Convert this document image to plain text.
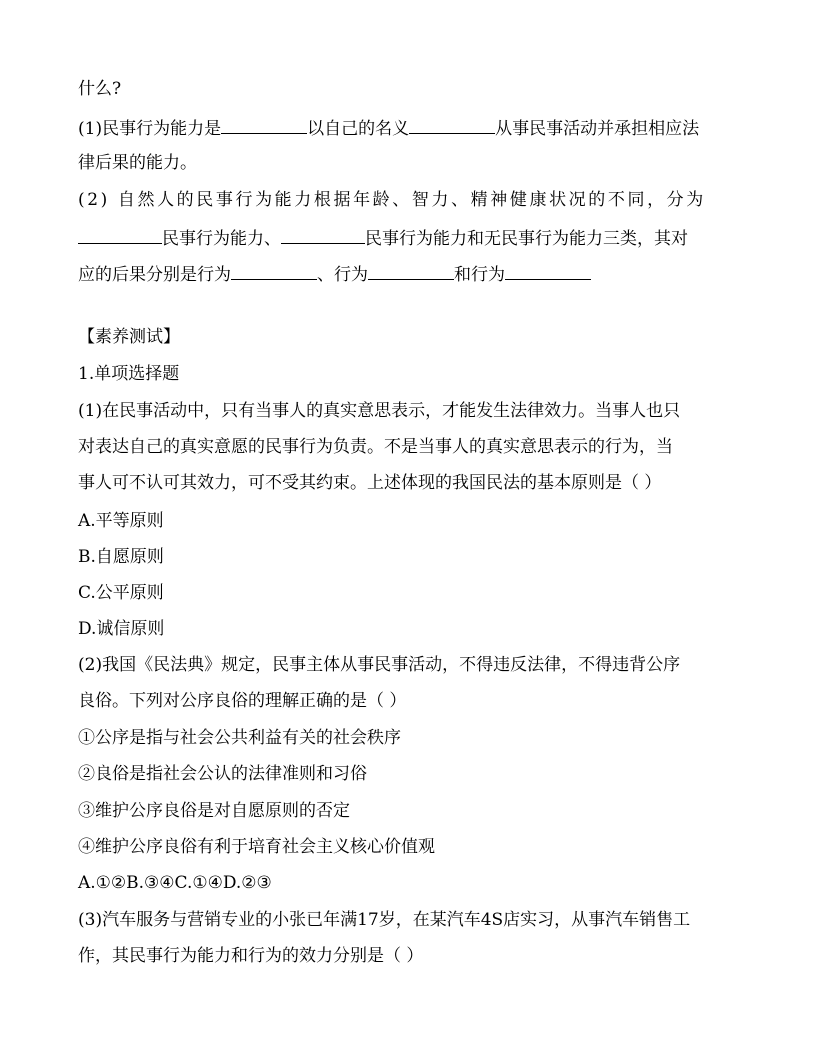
什么?
(1)民事行为能力是	以自己的名义	从事民事活动并承担相应法
律后果的能力。
(2) 自然人的民事行为能力根据年龄、智力、精神健康状况的不同，分为
民事行为能力、	民事行为能力和无民事行为能力三类，其对
应的后果分别是行为	、行为	和行为
【素养测试】
1.单项选择题
(1)在民事活动中，只有当事人的真实意思表示，才能发生法律效力。当事人也只
对表达自己的真实意愿的民事行为负责。不是当事人的真实意思表示的行为，当
事人可不认可其效力，可不受其约束。上述体现的我国民法的基本原则是（ ）
A.平等原则
B.自愿原则
C.公平原则
D.诚信原则
(2)我国《民法典》规定，民事主体从事民事活动，不得违反法律，不得违背公序
良俗。下列对公序良俗的理解正确的是（ ）
①公序是指与社会公共利益有关的社会秩序
②良俗是指社会公认的法律准则和习俗
③维护公序良俗是对自愿原则的否定
④维护公序良俗有利于培育社会主义核心价值观
A.①②B.③④C.①④D.②③
(3)汽车服务与营销专业的小张已年满17岁，在某汽车4S店实习，从事汽车销售工
作，其民事行为能力和行为的效力分别是（ ）
